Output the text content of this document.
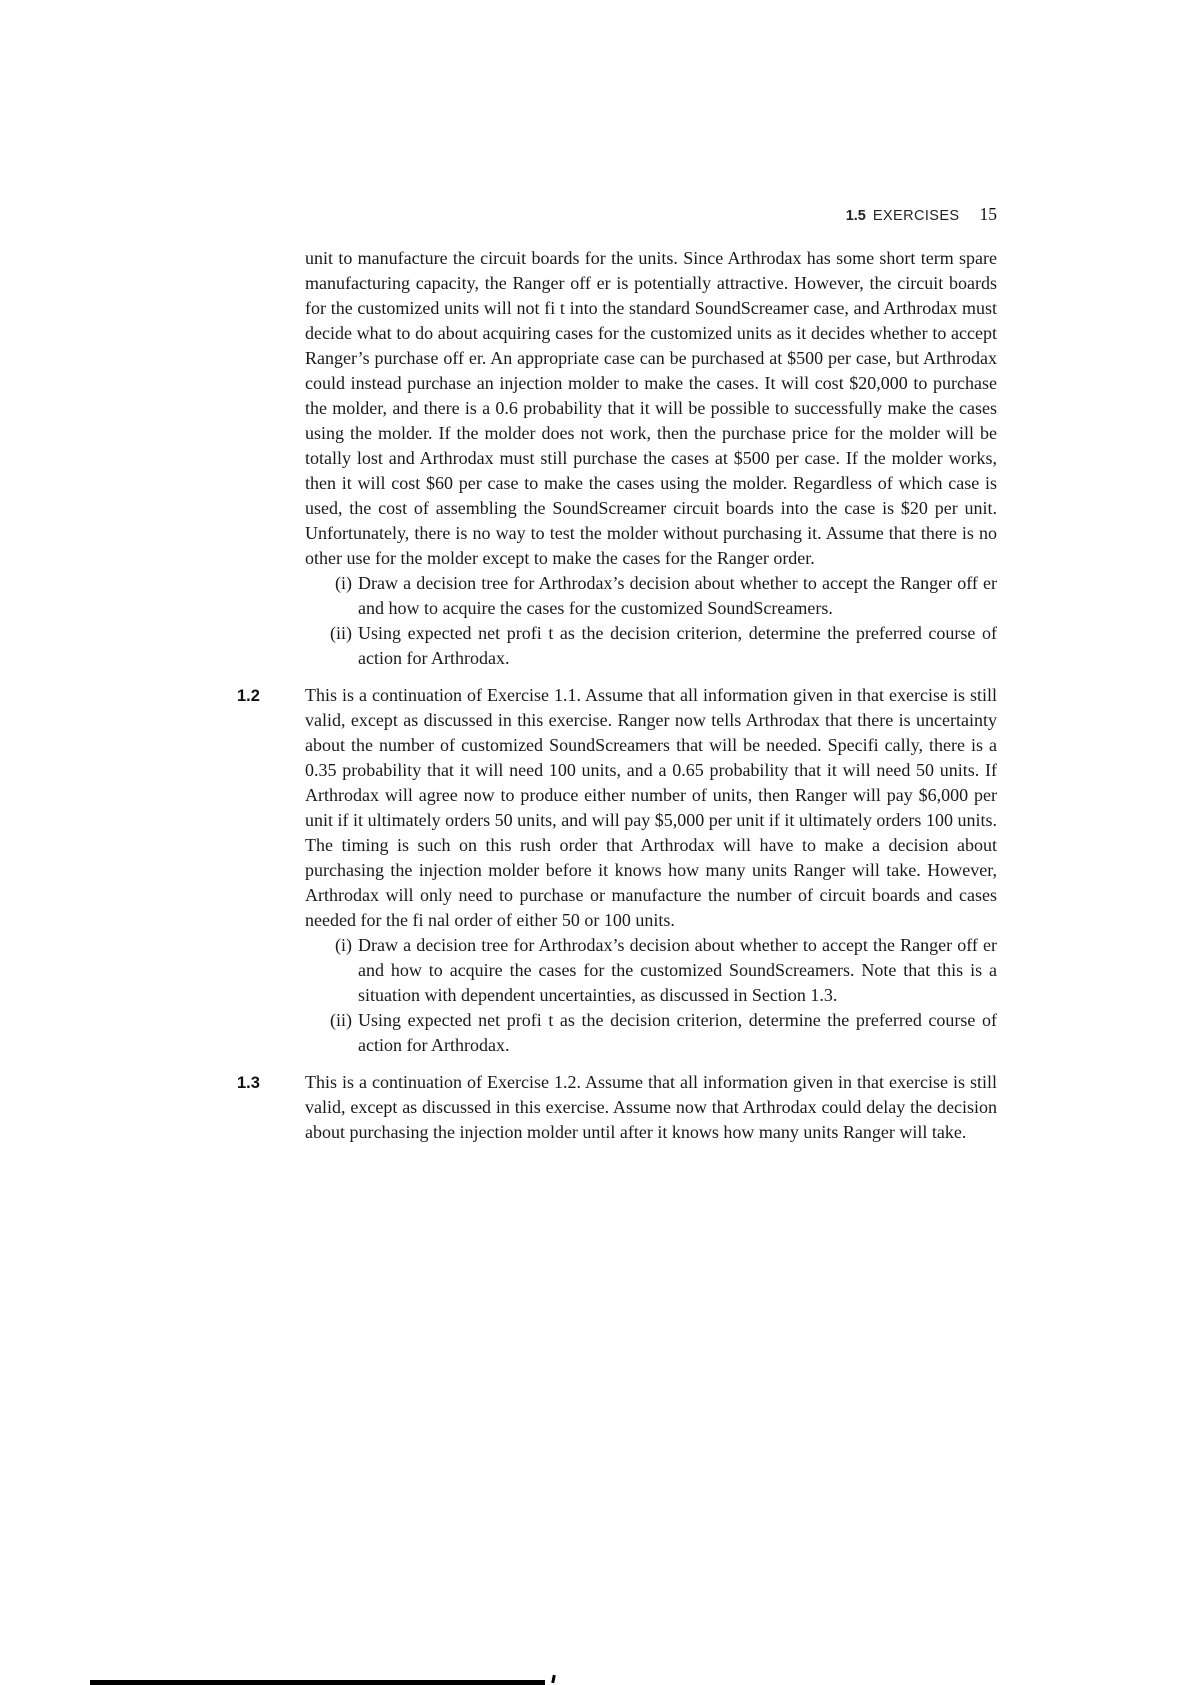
1.5 EXERCISES 15

unit to manufacture the circuit boards for the units. Since Arthrodax has some short term spare manufacturing capacity, the Ranger off er is potentially attractive. However, the circuit boards for the customized units will not fi t into the standard SoundScreamer case, and Arthrodax must decide what to do about acquiring cases for the customized units as it decides whether to accept Ranger’s purchase off er. An appropriate case can be purchased at $500 per case, but Arthrodax could instead purchase an injection molder to make the cases. It will cost $20,000 to purchase the molder, and there is a 0.6 probability that it will be possible to successfully make the cases using the molder. If the molder does not work, then the purchase price for the molder will be totally lost and Arthrodax must still purchase the cases at $500 per case. If the molder works, then it will cost $60 per case to make the cases using the molder. Regardless of which case is used, the cost of assembling the SoundScreamer circuit boards into the case is $20 per unit. Unfortunately, there is no way to test the molder without purchasing it. Assume that there is no other use for the molder except to make the cases for the Ranger order.

(i) Draw a decision tree for Arthrodax’s decision about whether to accept the Ranger off er and how to acquire the cases for the customized SoundScreamers.
(ii) Using expected net profi t as the decision criterion, determine the preferred course of action for Arthrodax.
1.2	This is a continuation of Exercise 1.1. Assume that all information given in that exercise is still valid, except as discussed in this exercise. Ranger now tells Arthrodax that there is uncertainty about the number of customized SoundScreamers that will be needed. Specifi cally, there is a 0.35 probability that it will need 100 units, and a 0.65 probability that it will need 50 units. If Arthrodax will agree now to produce either number of units, then Ranger will pay $6,000 per unit if it ultimately orders 50 units, and will pay $5,000 per unit if it ultimately orders 100 units. The timing is such on this rush order that Arthrodax will have to make a decision about purchasing the injection molder before it knows how many units Ranger will take. However, Arthrodax will only need to purchase or manufacture the number of circuit boards and cases needed for the fi nal order of either 50 or 100 units.

(i) Draw a decision tree for Arthrodax’s decision about whether to accept the Ranger off er and how to acquire the cases for the customized SoundScreamers. Note that this is a situation with dependent uncertainties, as discussed in Section 1.3.
(ii) Using expected net profi t as the decision criterion, determine the preferred course of action for Arthrodax.
1.3	This is a continuation of Exercise 1.2. Assume that all information given in that exercise is still valid, except as discussed in this exercise. Assume now that Arthrodax could delay the decision about purchasing the injection molder until after it knows how many units Ranger will take.
